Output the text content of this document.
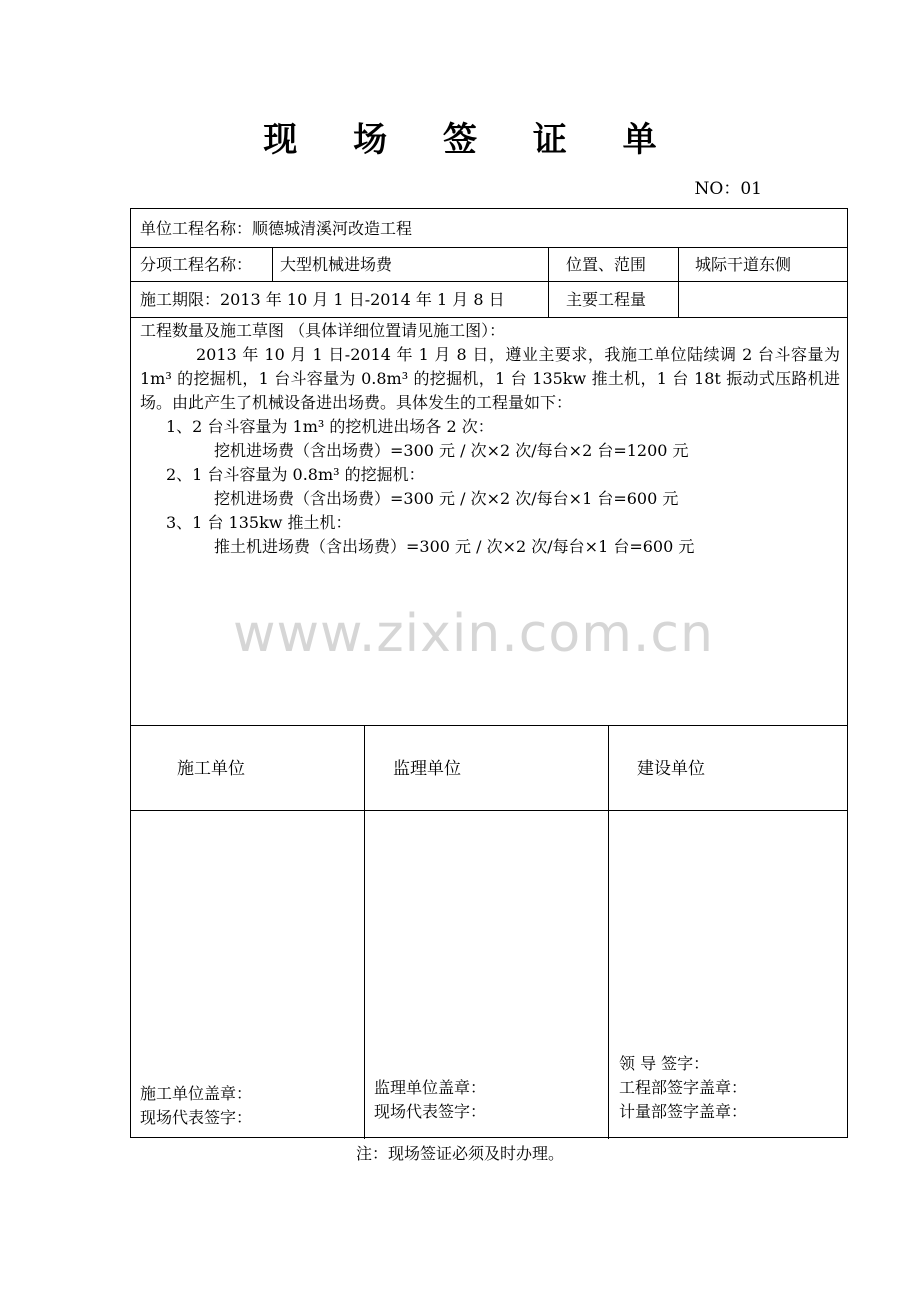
现 场 签 证 单
NO：01
单位工程名称：顺德城清溪河改造工程
分项工程名称： 大型机械进场费	位置、范围	城际干道东侧
施工期限：2013 年 10 月 1 日-2014 年 1 月 8 日	主要工程量

工程数量及施工草图 （具体详细位置请见施工图）：

2013 年 10 月 1 日-2014 年 1 月 8 日，遵业主要求，我施工单位陆续调 2 台斗容量为 1m³ 的挖掘机，1 台斗容量为 0.8m³ 的挖掘机，1 台 135kw 推土机，1 台 18t 振动式压路机进场。由此产生了机械设备进出场费。具体发生的工程量如下：

1、2 台斗容量为 1m³ 的挖机进出场各 2 次：

挖机进场费（含出场费）=300 元 / 次×2 次/每台×2 台=1200 元

2、1 台斗容量为 0.8m³ 的挖掘机：

挖机进场费（含出场费）=300 元 / 次×2 次/每台×1 台=600 元

3、1 台 135kw 推土机：

推土机进场费（含出场费）=300 元 / 次×2 次/每台×1 台=600 元

施工单位	监理单位	建设单位
施工单位盖章：
现场代表签字：
监理单位盖章：
现场代表签字：
领 导 签字：
工程部签字盖章：
计量部签字盖章：
www.zixin.com.cn
注：现场签证必须及时办理。
